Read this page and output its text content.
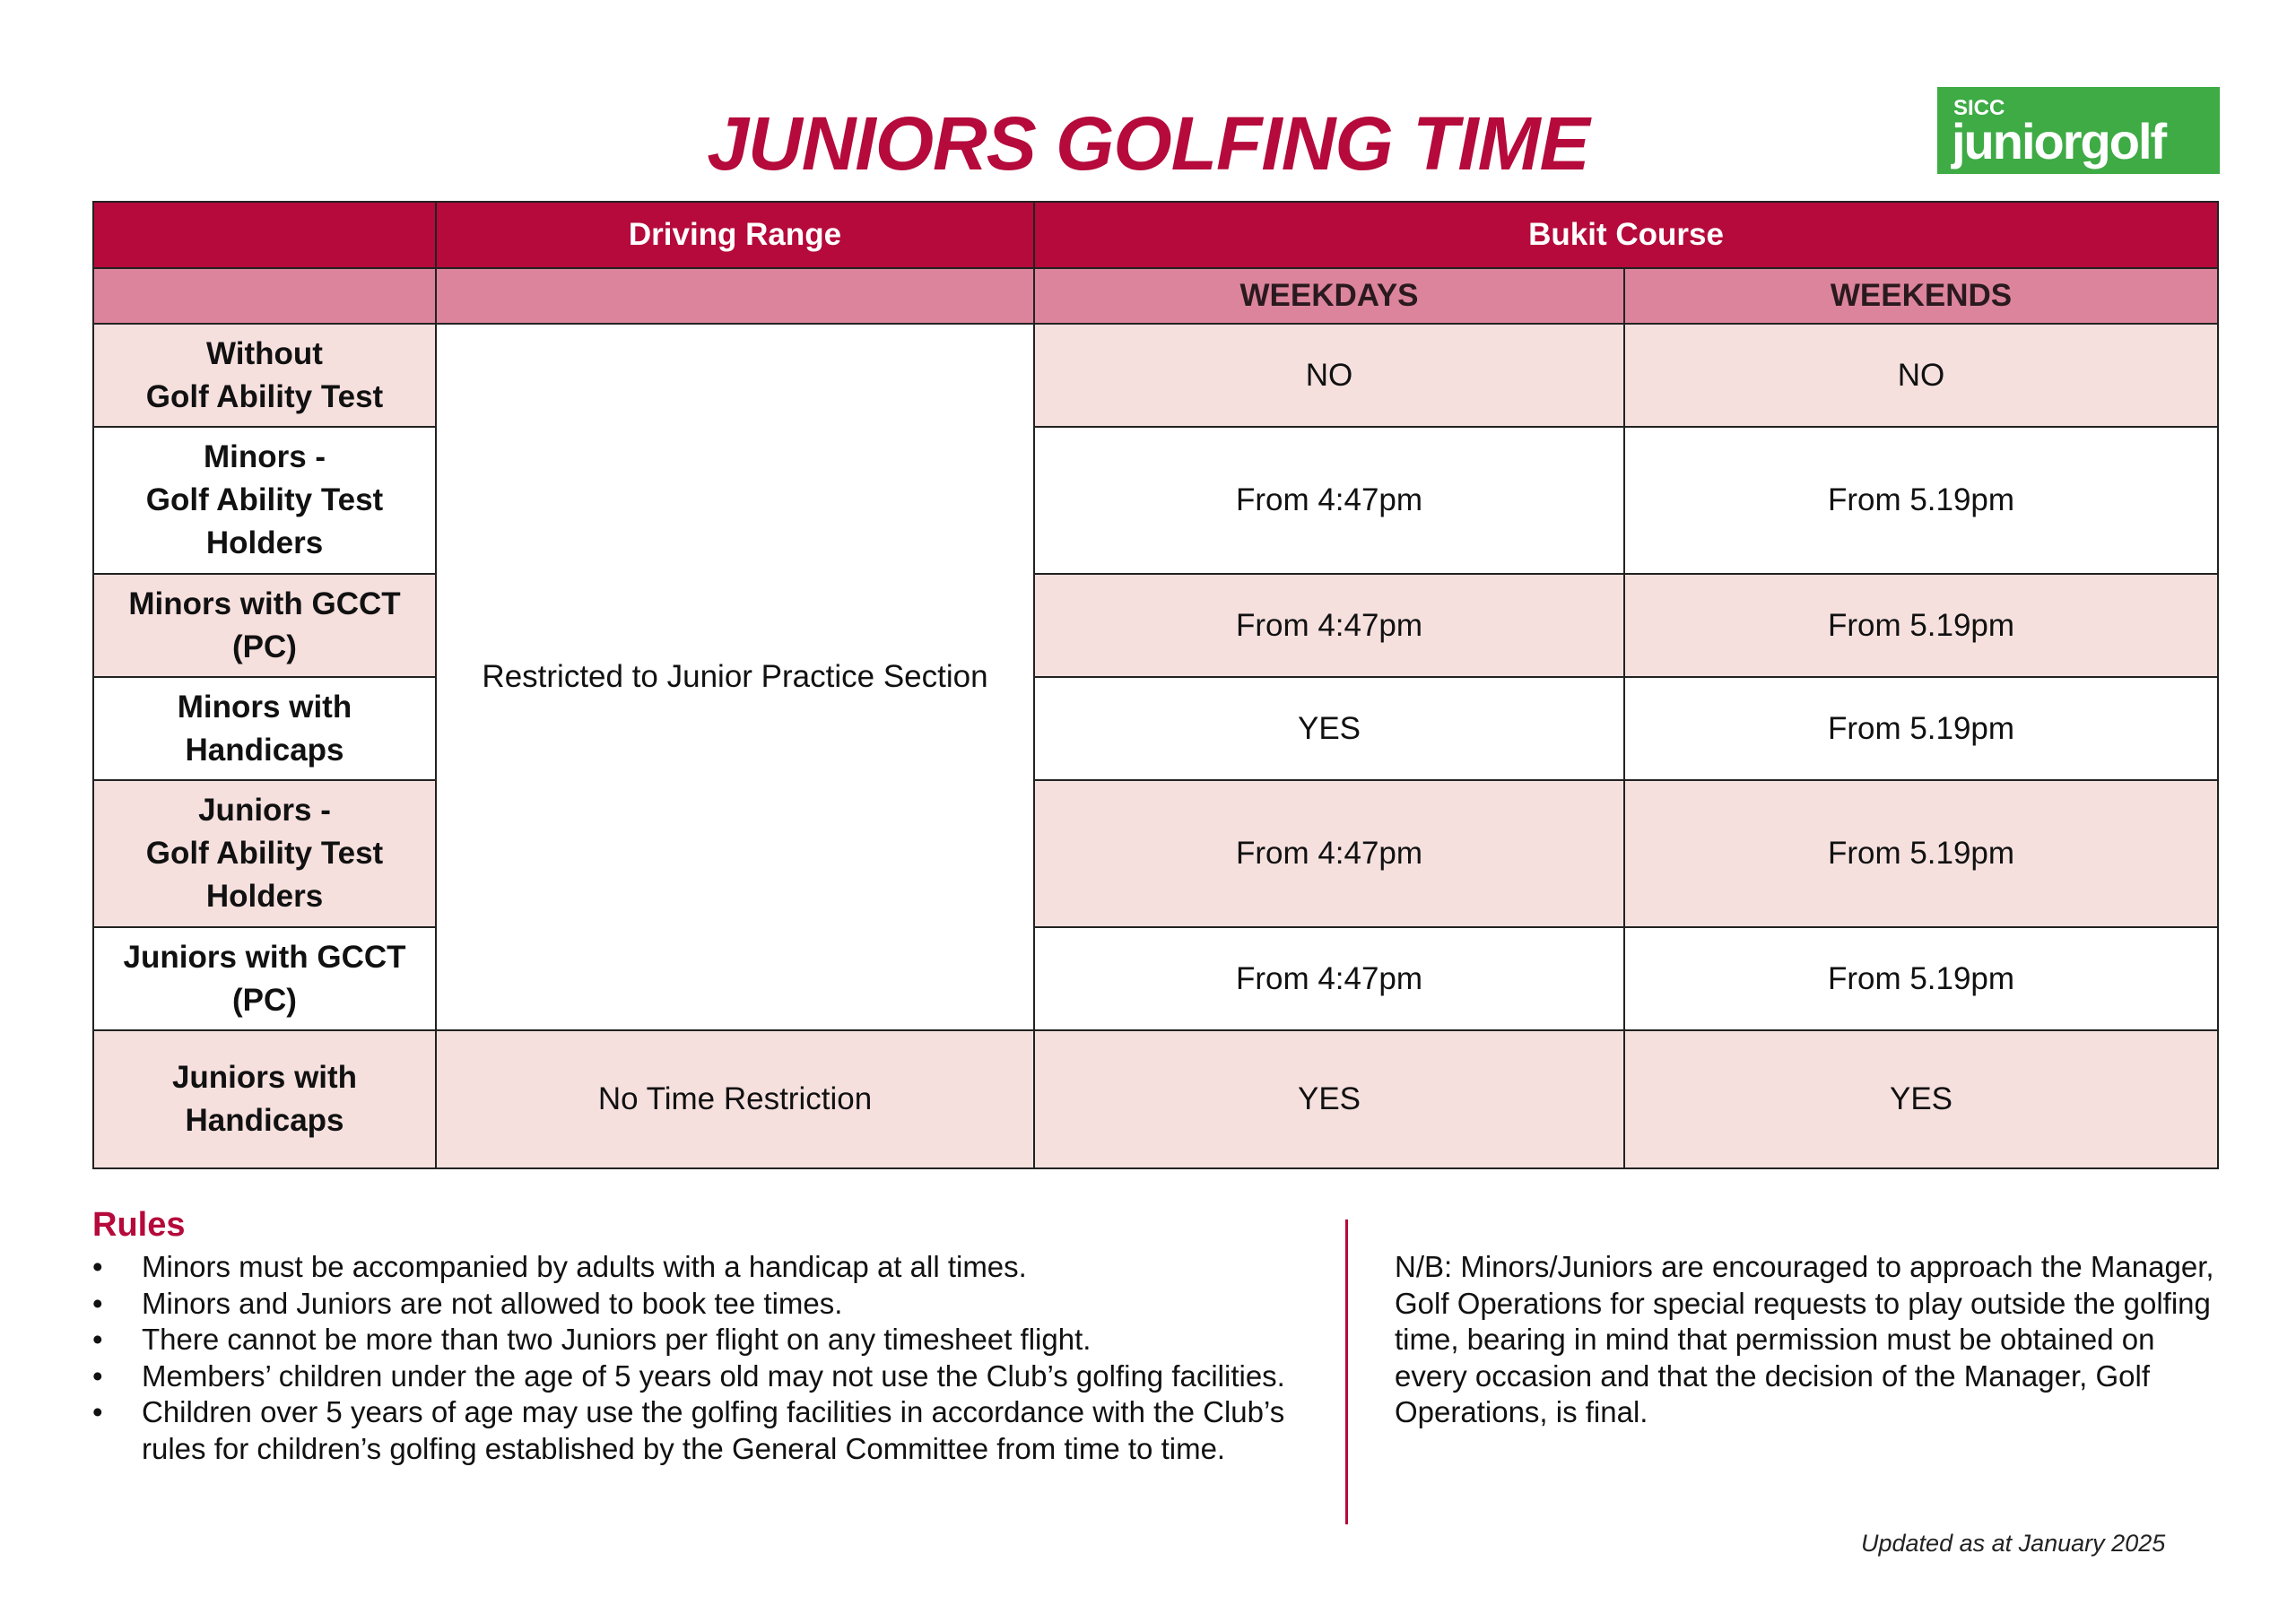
JUNIORS GOLFING TIME	SICC
juniorgolf
	Driving Range	Bukit Course	
		WEEKDAYS	WEEKENDS

Without
Golf Ability Test	Restricted to Junior Practice Section	NO	NO

Minors -
Golf Ability Test
Holders		From 4:47pm	From 5.19pm

Minors with GCCT
(PC)		From 4:47pm	From 5.19pm

Minors with
Handicaps		YES	From 5.19pm

Juniors -
Golf Ability Test
Holders		From 4:47pm	From 5.19pm

Juniors with GCCT
(PC)		From 4:47pm	From 5.19pm

Juniors with
Handicaps	No Time Restriction	YES	YES
Rules
• Minors must be accompanied by adults with a handicap at all times.
• Minors and Juniors are not allowed to book tee times.
• There cannot be more than two Juniors per flight on any timesheet flight.
• Members’ children under the age of 5 years old may not use the Club’s golfing facilities.
• Children over 5 years of age may use the golfing facilities in accordance with the Club’s rules for children’s golfing established by the General Committee from time to time.

N/B: Minors/Juniors are encouraged to approach the Manager, Golf Operations for special requests to play outside the golfing time, bearing in mind that permission must be obtained on every occasion and that the decision of the Manager, Golf Operations, is final.

Updated as at January 2025
